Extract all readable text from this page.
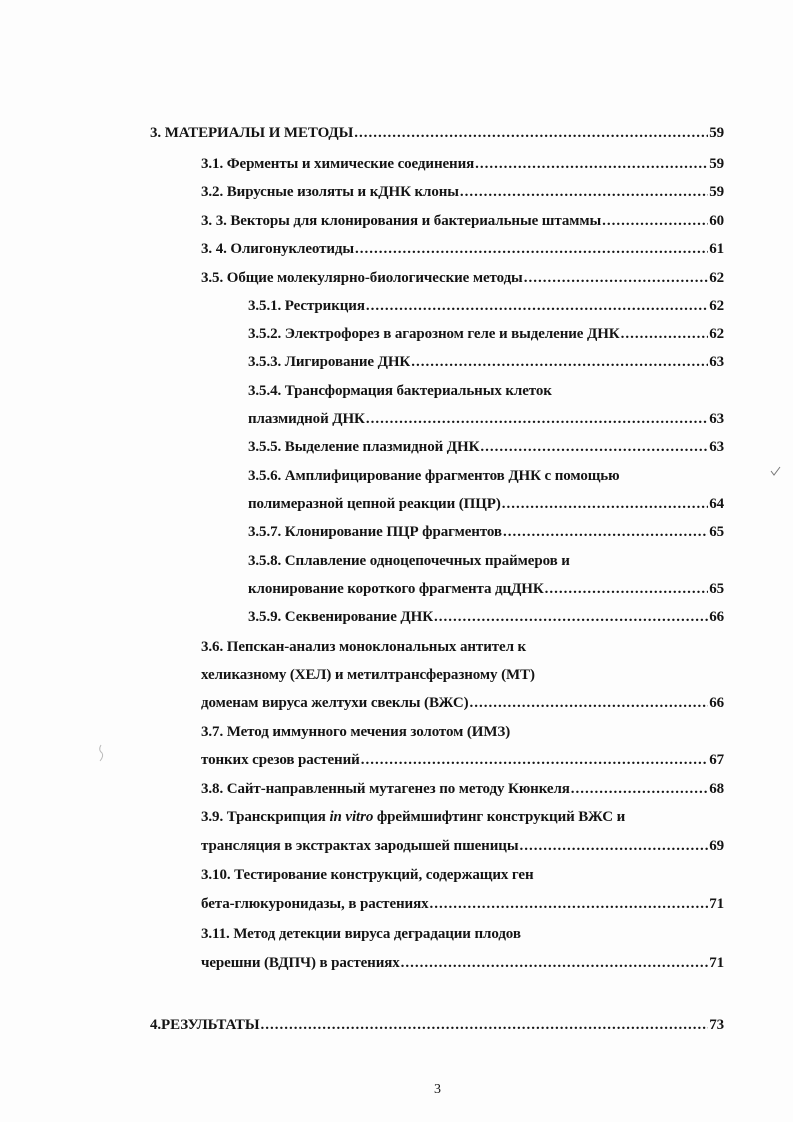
3. МАТЕРИАЛЫ И МЕТОДЫ .....	59
3.1. Ферменты и химические соединения .....	59
3.2. Вирусные изоляты и кДНК клоны .....	59
3. 3. Векторы для клонирования и бактериальные штаммы .....	60
3. 4. Олигонуклеотиды .....	61
3.5. Общие молекулярно-биологические методы .....	62
3.5.1. Рестрикция .....	62
3.5.2. Электрофорез в агарозном геле и выделение ДНК .....	62
3.5.3. Лигирование ДНК .....	63
3.5.4. Трансформация бактериальных клеток
плазмидной ДНК .....	63
3.5.5. Выделение плазмидной ДНК .....	63
3.5.6. Амплифицирование фрагментов ДНК с помощью
полимеразной цепной реакции (ПЦР) .....	64
3.5.7. Клонирование ПЦР фрагментов .....	65
3.5.8. Сплавление одноцепочечных праймеров и
клонирование короткого фрагмента дцДНК .....	65
3.5.9. Секвенирование ДНК .....	66
3.6. Пепскан-анализ моноклональных антител к
хеликазному (ХЕЛ) и метилтрансферазному (МТ)
доменам вируса желтухи свеклы (ВЖС) .....	66
3.7. Метод иммунного мечения золотом (ИМЗ)
тонких срезов растений .....	67
3.8. Сайт-направленный мутагенез по методу Кюнкеля .....	68
3.9. Транскрипция in vitro фреймшифтинг конструкций ВЖС и
трансляция в экстрактах зародышей пшеницы .....	69
3.10. Тестирование конструкций, содержащих ген
бета-глюкуронидазы, в растениях .....	71
3.11. Метод детекции вируса деградации плодов
черешни (ВДПЧ) в растениях .....	71
4.РЕЗУЛЬТАТЫ .....	73
3
